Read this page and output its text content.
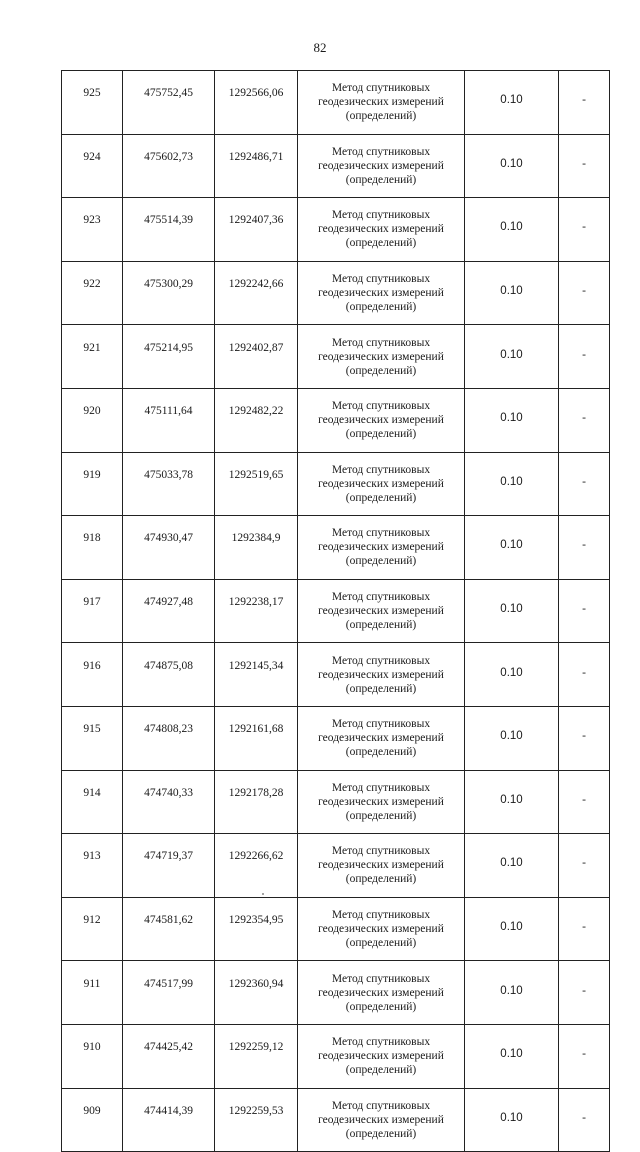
82
925	475752,45	1292566,06	Метод спутниковых
геодезических измерений
(определений)	0.10	-
924	475602,73	1292486,71	Метод спутниковых
геодезических измерений
(определений)	0.10	-
923	475514,39	1292407,36	Метод спутниковых
геодезических измерений
(определений)	0.10	-
922	475300,29	1292242,66	Метод спутниковых
геодезических измерений
(определений)	0.10	-
921	475214,95	1292402,87	Метод спутниковых
геодезических измерений
(определений)	0.10	-
920	475111,64	1292482,22	Метод спутниковых
геодезических измерений
(определений)	0.10	-
919	475033,78	1292519,65	Метод спутниковых
геодезических измерений
(определений)	0.10	-
918	474930,47	1292384,9	Метод спутниковых
геодезических измерений
(определений)	0.10	-
917	474927,48	1292238,17	Метод спутниковых
геодезических измерений
(определений)	0.10	-
916	474875,08	1292145,34	Метод спутниковых
геодезических измерений
(определений)	0.10	-
915	474808,23	1292161,68	Метод спутниковых
геодезических измерений
(определений)	0.10	-
914	474740,33	1292178,28	Метод спутниковых
геодезических измерений
(определений)	0.10	-
913	474719,37	1292266,62	Метод спутниковых
геодезических измерений
(определений)	0.10	-
912	474581,62	1292354,95	Метод спутниковых
геодезических измерений
(определений)	0.10	-
911	474517,99	1292360,94	Метод спутниковых
геодезических измерений
(определений)	0.10	-
910	474425,42	1292259,12	Метод спутниковых
геодезических измерений
(определений)	0.10	-
909	474414,39	1292259,53	Метод спутниковых
геодезических измерений
(определений)	0.10	-
